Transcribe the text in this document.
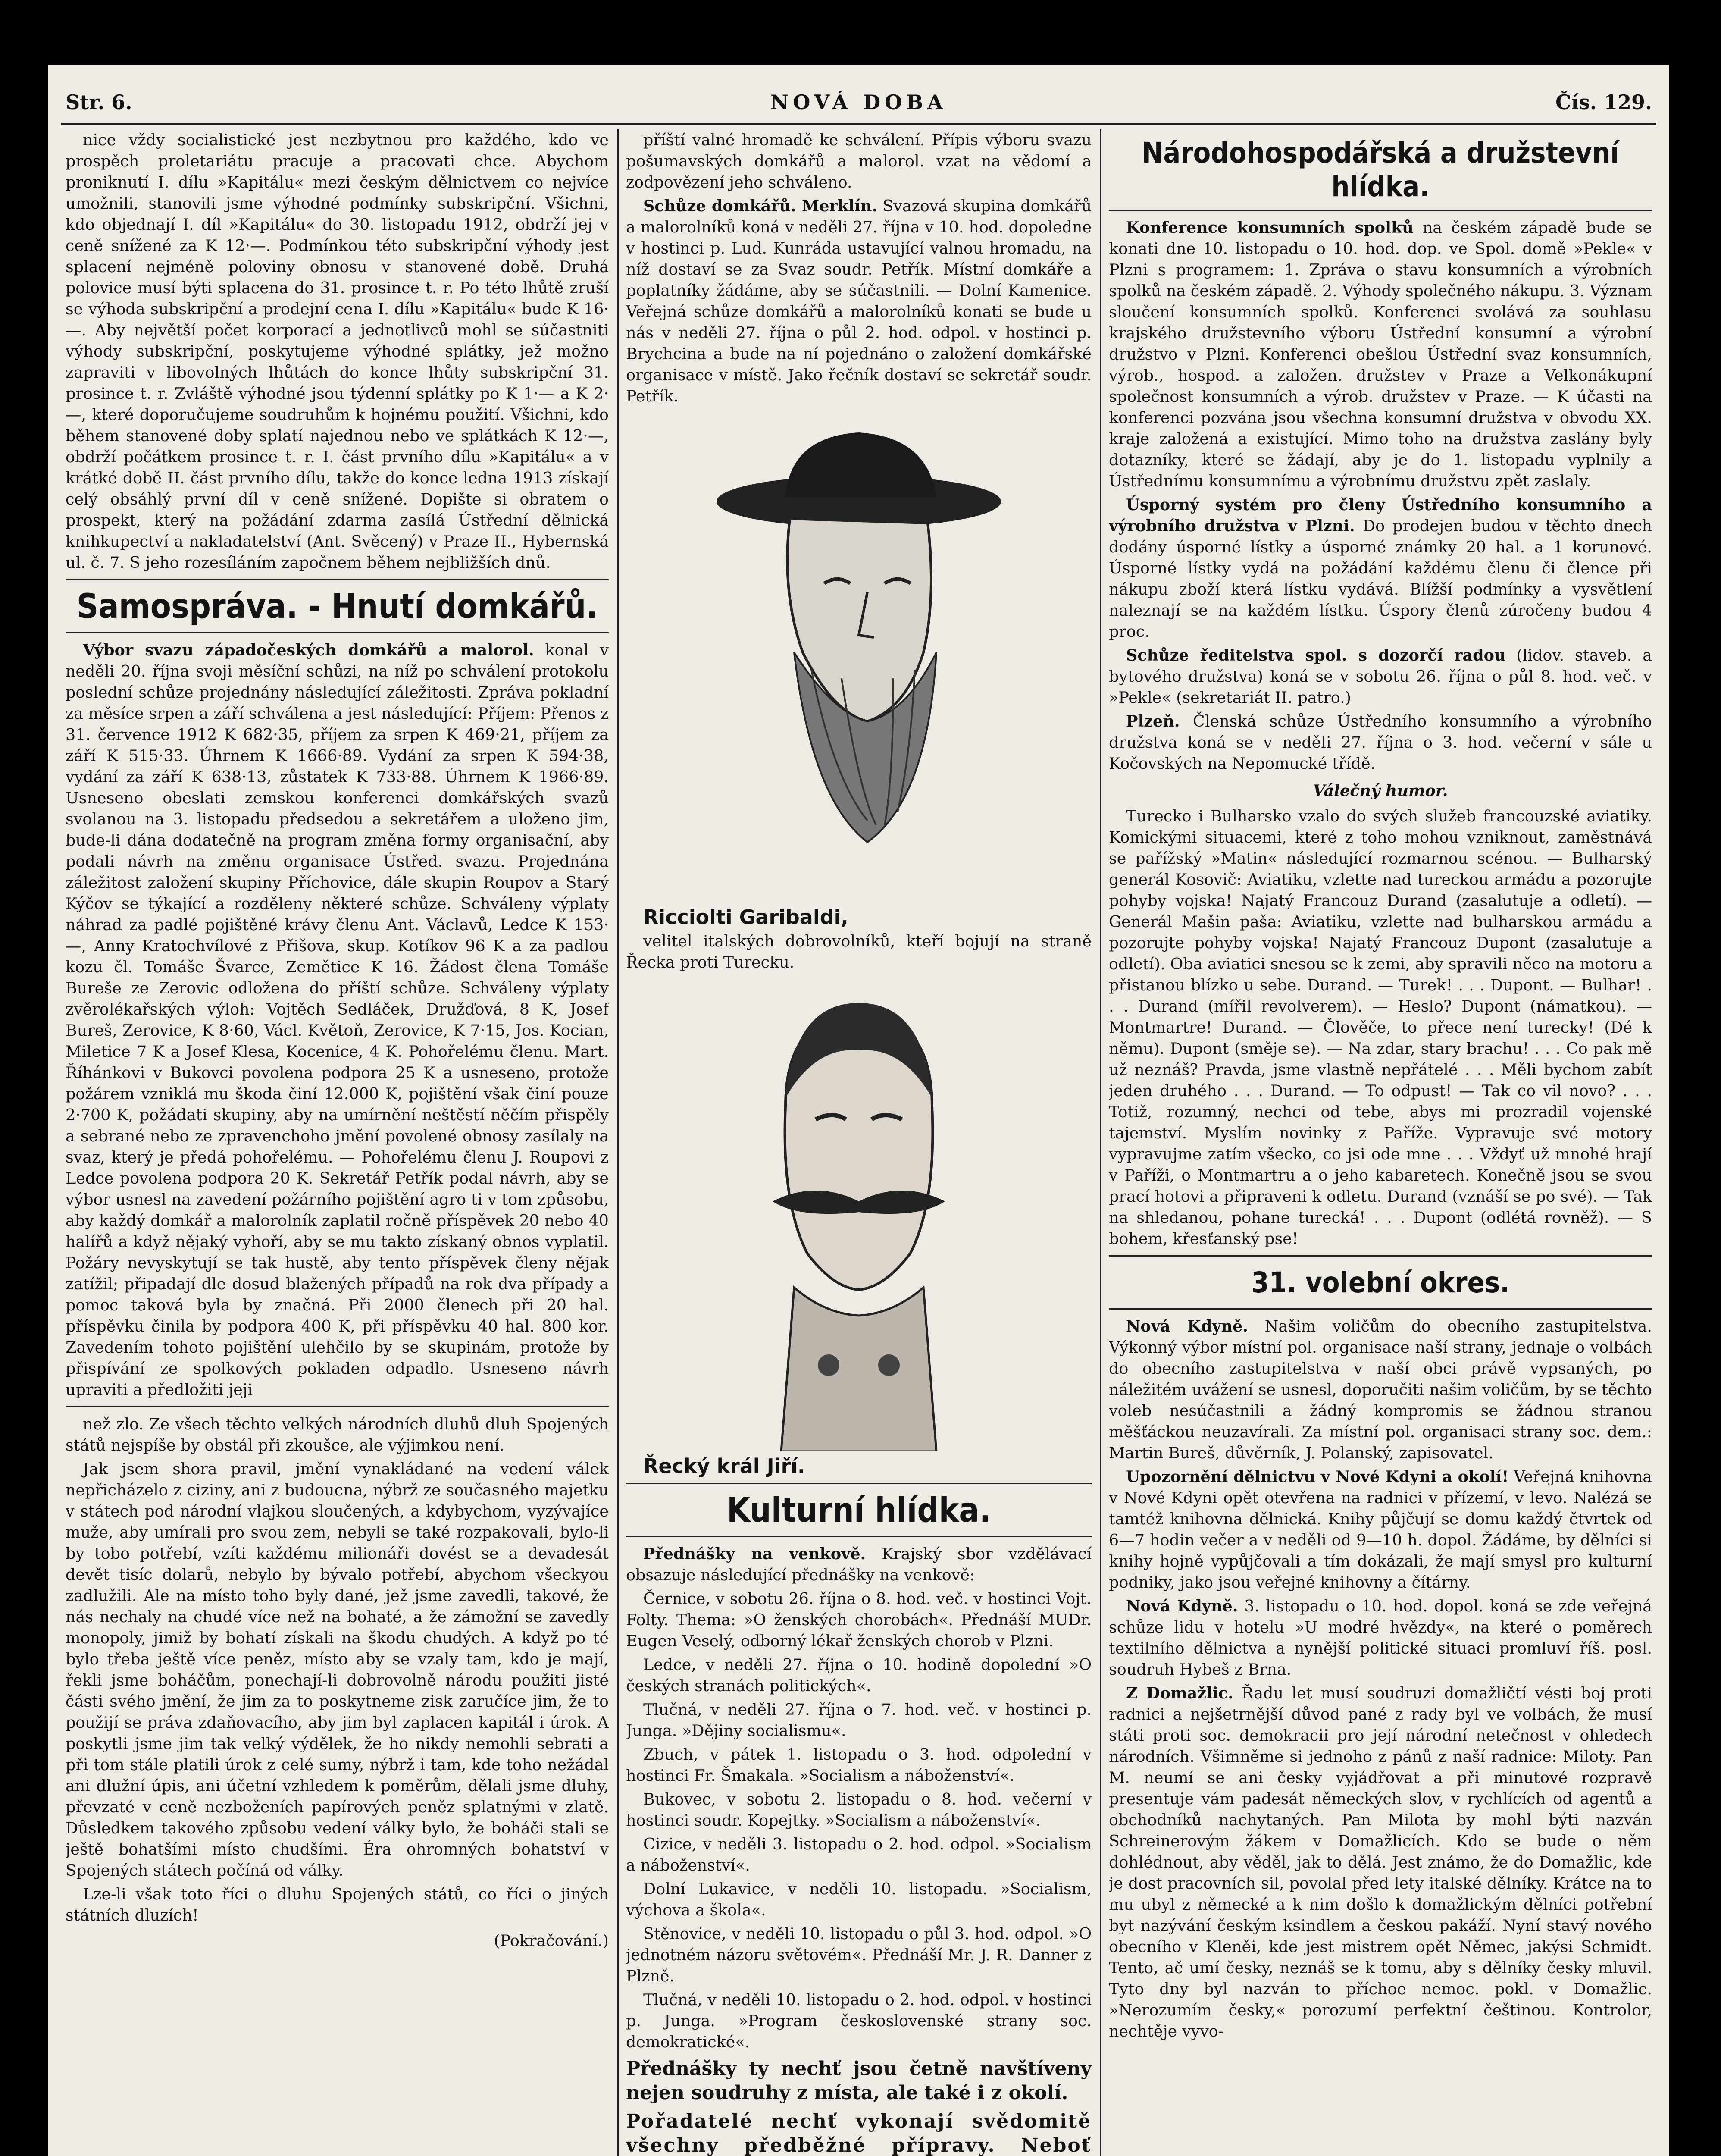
Str. 6.	NOVÁ DOBA	Čís. 129.

nice vždy socialistické jest nezbytnou pro každého, kdo ve prospěch proletariátu pracuje a pracovati chce. Abychom proniknutí I. dílu »Kapitálu« mezi českým dělnictvem co nejvíce umožnili, stanovili jsme výhodné podmínky subskripční. Všichni, kdo objednají I. díl »Kapitálu« do 30. listopadu 1912, obdrží jej v ceně snížené za K 12·—. Podmínkou této subskripční výhody jest splacení nejméně poloviny obnosu v stanovené době. Druhá polovice musí býti splacena do 31. prosince t. r. Po této lhůtě zruší se výhoda subskripční a prodejní cena I. dílu »Kapitálu« bude K 16·—. Aby největší počet korporací a jednotlivců mohl se súčastniti výhody subskripční, poskytujeme výhodné splátky, jež možno zapraviti v libovolných lhůtách do konce lhůty subskripční 31. prosince t. r. Zvláště výhodné jsou týdenní splátky po K 1·— a K 2·—, které doporučujeme soudruhům k hojnému použití. Všichni, kdo během stanovené doby splatí najednou nebo ve splátkách K 12·—, obdrží počátkem prosince t. r. I. část prvního dílu »Kapitálu« a v krátké době II. část prvního dílu, takže do konce ledna 1913 získají celý obsáhlý první díl v ceně snížené. Dopište si obratem o prospekt, který na požádání zdarma zasílá Ústřední dělnická knihkupectví a nakladatelství (Ant. Svěcený) v Praze II., Hybernská ul. č. 7. S jeho rozesíláním započnem během nejbližších dnů.

Samospráva. - Hnutí domkářů.

Výbor svazu západočeských domkářů a malorol. konal v neděli 20. října svoji měsíční schůzi, na níž po schválení protokolu poslední schůze projednány následující záležitosti. Zpráva pokladní za měsíce srpen a září schválena a jest následující: Příjem: Přenos z 31. července 1912 K 682·35, příjem za srpen K 469·21, příjem za září K 515·33. Úhrnem K 1666·89. Vydání za srpen K 594·38, vydání za září K 638·13, zůstatek K 733·88. Úhrnem K 1966·89. Usneseno obeslati zemskou konferenci domkářských svazů svolanou na 3. listopadu předsedou a sekretářem a uloženo jim, bude-li dána dodatečně na program změna formy organisační, aby podali návrh na změnu organisace Ústřed. svazu. Projednána záležitost založení skupiny Příchovice, dále skupin Roupov a Starý Kýčov se týkající a rozděleny některé schůze. Schváleny výplaty náhrad za padlé pojištěné krávy členu Ant. Václavů, Ledce K 153·—, Anny Kratochvílové z Přišova, skup. Kotíkov 96 K a za padlou kozu čl. Tomáše Švarce, Zemětice K 16. Žádost člena Tomáše Bureše ze Zerovic odložena do příští schůze. Schváleny výplaty zvěrolékařských výloh: Vojtěch Sedláček, Družďová, 8 K, Josef Bureš, Zerovice, K 8·60, Václ. Květoň, Zerovice, K 7·15, Jos. Kocian, Miletice 7 K a Josef Klesa, Kocenice, 4 K. Pohořelému členu. Mart. Říhánkovi v Bukovci povolena podpora 25 K a usneseno, protože požárem vzniklá mu škoda činí 12.000 K, pojištění však činí pouze 2·700 K, požádati skupiny, aby na umírnění neštěstí něčím přispěly a sebrané nebo ze zpravenchoho jmění povolené obnosy zasílaly na svaz, který je předá pohořelému. — Pohořelému členu J. Roupovi z Ledce povolena podpora 20 K. Sekretář Petřík podal návrh, aby se výbor usnesl na zavedení požárního pojištění agro ti v tom způsobu, aby každý domkář a malorolník zaplatil ročně příspěvek 20 nebo 40 halířů a když nějaký vyhoří, aby se mu takto získaný obnos vyplatil. Požáry nevyskytují se tak hustě, aby tento příspěvek členy nějak zatížil; připadají dle dosud blažených případů na rok dva případy a pomoc taková byla by značná. Při 2000 členech při 20 hal. příspěvku činila by podpora 400 K, při příspěvku 40 hal. 800 kor. Zavedením tohoto pojištění ulehčilo by se skupinám, protože by přispívání ze spolkových pokladen odpadlo. Usneseno návrh upraviti a předložiti jeji

než zlo. Ze všech těchto velkých národních dluhů dluh Spojených států nejspíše by obstál při zkoušce, ale výjimkou není.

Jak jsem shora pravil, jmění vynakládané na vedení válek nepřicházelo z ciziny, ani z budoucna, nýbrž ze současného majetku v státech pod národní vlajkou sloučených, a kdybychom, vyzývajíce muže, aby umírali pro svou zem, nebyli se také rozpakovali, bylo-li by tobo potřebí, vzíti každému milionáři dovést se a devadesát devět tisíc dolarů, nebylo by bývalo potřebí, abychom všeckyou zadlužili. Ale na místo toho byly dané, jež jsme zavedli, takové, že nás nechaly na chudé více než na bohaté, a že zámožní se zavedly monopoly, jimiž by bohatí získali na škodu chudých. A když po té bylo třeba ještě více peněz, místo aby se vzaly tam, kdo je mají, řekli jsme boháčům, ponechají-li dobrovolně národu použiti jisté části svého jmění, že jim za to poskytneme zisk zaručíce jim, že to použijí se práva zdaňovacího, aby jim byl zaplacen kapitál i úrok. A poskytli jsme jim tak velký výdělek, že ho nikdy nemohli sebrati a při tom stále platili úrok z celé sumy, nýbrž i tam, kde toho nežádal ani dlužní úpis, ani účetní vzhledem k poměrům, dělali jsme dluhy, převzaté v ceně nezboženích papírových peněz splatnými v zlatě. Důsledkem takového způsobu vedení války bylo, že boháči stali se ještě bohatšími místo chudšími. Éra ohromných bohatství v Spojených státech počíná od války.

Lze-li však toto říci o dluhu Spojených států, co říci o jiných státních dluzích!

(Pokračování.)

příští valné hromadě ke schválení. Přípis výboru svazu pošumavských domkářů a malorol. vzat na vědomí a zodpovězení jeho schváleno.

Schůze domkářů. Merklín. Svazová skupina domkářů a malorolníků koná v neděli 27. října v 10. hod. dopoledne v hostinci p. Lud. Kunráda ustavující valnou hromadu, na níž dostaví se za Svaz soudr. Petřík. Místní domkáře a poplatníky žádáme, aby se súčastnili. — Dolní Kamenice. Veřejná schůze domkářů a malorolníků konati se bude u nás v neděli 27. října o půl 2. hod. odpol. v hostinci p. Brychcina a bude na ní pojednáno o založení domkářské organisace v místě. Jako řečník dostaví se sekretář soudr. Petřík.

Ricciolti Garibaldi,

velitel italských dobrovolníků, kteří bojují na straně Řecka proti Turecku.

Řecký král Jiří.

Kulturní hlídka.

Přednášky na venkově. Krajský sbor vzdělávací obsazuje následující přednášky na venkově:

Černice, v sobotu 26. října o 8. hod. več. v hostinci Vojt. Folty. Thema: »O ženských chorobách«. Přednáší MUDr. Eugen Veselý, odborný lékař ženských chorob v Plzni.

Ledce, v neděli 27. října o 10. hodině dopolední »O českých stranách politických«.

Tlučná, v neděli 27. října o 7. hod. več. v hostinci p. Junga. »Dějiny socialismu«.

Zbuch, v pátek 1. listopadu o 3. hod. odpolední v hostinci Fr. Šmakala. »Socialism a náboženství«.

Bukovec, v sobotu 2. listopadu o 8. hod. večerní v hostinci soudr. Kopejtky. »Socialism a náboženství«.

Cizice, v neděli 3. listopadu o 2. hod. odpol. »Socialism a náboženství«.

Dolní Lukavice, v neděli 10. listopadu. »Socialism, výchova a škola«.

Stěnovice, v neděli 10. listopadu o půl 3. hod. odpol. »O jednotném názoru světovém«. Přednáší Mr. J. R. Danner z Plzně.

Tlučná, v neděli 10. listopadu o 2. hod. odpol. v hostinci p. Junga. »Program československé strany soc. demokratické«.

Přednášky ty nechť jsou četně navštíveny nejen soudruhy z místa, ale také i z okolí.
Pořadatelé nechť vykonají svědomitě všechny předběžné přípravy. Neboť

Národohospodářská a družstevní hlídka.

Konference konsumních spolků na českém západě bude se konati dne 10. listopadu o 10. hod. dop. ve Spol. domě »Pekle« v Plzni s programem: 1. Zpráva o stavu konsumních a výrobních spolků na českém západě. 2. Výhody společného nákupu. 3. Význam sloučení konsumních spolků. Konferenci svolává za souhlasu krajského družstevního výboru Ústřední konsumní a výrobní družstvo v Plzni. Konferenci obešlou Ústřední svaz konsumních, výrob., hospod. a založen. družstev v Praze a Velkonákupní společnost konsumních a výrob. družstev v Praze. — K účasti na konferenci pozvána jsou všechna konsumní družstva v obvodu XX. kraje založená a existující. Mimo toho na družstva zaslány byly dotazníky, které se žádají, aby je do 1. listopadu vyplnily a Ústřednímu konsumnímu a výrobnímu družstvu zpět zaslaly.

Úsporný systém pro členy Ústředního konsumního a výrobního družstva v Plzni. Do prodejen budou v těchto dnech dodány úsporné lístky a úsporné známky 20 hal. a 1 korunové. Úsporné lístky vydá na požádání každému členu či člence při nákupu zboží která lístku vydává. Blížší podmínky a vysvětlení naleznají se na každém lístku. Úspory členů zúročeny budou 4 proc.

Schůze ředitelstva spol. s dozorčí radou (lidov. staveb. a bytového družstva) koná se v sobotu 26. října o půl 8. hod. več. v »Pekle« (sekretariát II. patro.)

Plzeň. Členská schůze Ústředního konsumního a výrobního družstva koná se v neděli 27. října o 3. hod. večerní v sále u Kočovských na Nepomucké třídě.

Válečný humor.

Turecko i Bulharsko vzalo do svých služeb francouzské aviatiky. Komickými situacemi, které z toho mohou vzniknout, zaměstnává se pařížský »Matin« následující rozmarnou scénou. — Bulharský generál Kosovič: Aviatiku, vzlette nad tureckou armádu a pozorujte pohyby vojska! Najatý Francouz Durand (zasalutuje a odletí). — Generál Mašin paša: Aviatiku, vzlette nad bulharskou armádu a pozorujte pohyby vojska! Najatý Francouz Dupont (zasalutuje a odletí). Oba aviatici snesou se k zemi, aby spravili něco na motoru a přistanou blízko u sebe. Durand. — Turek! . . . Dupont. — Bulhar! . . . Durand (mířil revolverem). — Heslo? Dupont (námatkou). — Montmartre! Durand. — Člověče, to přece není turecky! (Dé k němu). Dupont (směje se). — Na zdar, stary brachu! . . . Co pak mě už neznáš? Pravda, jsme vlastně nepřátelé . . . Měli bychom zabít jeden druhého . . . Durand. — To odpust! — Tak co vil novo? . . . Totiž, rozumný, nechci od tebe, abys mi prozradil vojenské tajemství. Myslím novinky z Paříže. Vypravuje své motory vypravujme zatím všecko, co jsi ode mne . . . Vždyť už mnohé hrají v Paříži, o Montmartru a o jeho kabaretech. Konečně jsou se svou prací hotovi a připraveni k odletu. Durand (vznáší se po své). — Tak na shledanou, pohane turecká! . . . Dupont (odlétá rovněž). — S bohem, křesťanský pse!

31. volební okres.

Nová Kdyně. Našim voličům do obecního zastupitelstva. Výkonný výbor místní pol. organisace naší strany, jednaje o volbách do obecního zastupitelstva v naší obci právě vypsaných, po náležitém uvážení se usnesl, doporučiti našim voličům, by se těchto voleb nesúčastnili a žádný kompromis se žádnou stranou měšťáckou neuzavírali. Za místní pol. organisaci strany soc. dem.: Martin Bureš, důvěrník, J. Polanský, zapisovatel.

Upozornění dělnictvu v Nové Kdyni a okolí! Veřejná knihovna v Nové Kdyni opět otevřena na radnici v přízemí, v levo. Nalézá se tamtéž knihovna dělnická. Knihy půjčují se domu každý čtvrtek od 6—7 hodin večer a v neděli od 9—10 h. dopol. Žádáme, by dělníci si knihy hojně vypůjčovali a tím dokázali, že mají smysl pro kulturní podniky, jako jsou veřejné knihovny a čítárny.

Nová Kdyně. 3. listopadu o 10. hod. dopol. koná se zde veřejná schůze lidu v hotelu »U modré hvězdy«, na které o poměrech textilního dělnictva a nynější politické situaci promluví říš. posl. soudruh Hybeš z Brna.

Z Domažlic. Řadu let musí soudruzi domažličtí vésti boj proti radnici a nejšetrnější důvod pané z rady byl ve volbách, že musí státi proti soc. demokracii pro její národní netečnost v ohledech národních. Všimněme si jednoho z pánů z naší radnice: Miloty. Pan M. neumí se ani česky vyjádřovat a při minutové rozpravě presentuje vám padesát německých slov, v rychlících od agentů a obchodníků nachytaných. Pan Milota by mohl býti nazván Schreinerovým žákem v Domažlicích. Kdo se bude o něm dohlédnout, aby věděl, jak to dělá. Jest známo, že do Domažlic, kde je dost pracovních sil, povolal před lety italské dělníky. Krátce na to mu ubyl z německé a k nim došlo k domažlickým dělníci potřební byt nazývání českým ksindlem a českou pakáží. Nyní stavý nového obecního v Kleněi, kde jest mistrem opět Němec, jakýsi Schmidt. Tento, ač umí česky, neznáš se k tomu, aby s dělníky česky mluvil. Tyto dny byl nazván to příchoe nemoc. pokl. v Domažlic. »Nerozumím česky,« porozumí perfektní češtinou. Kontrolor, nechtěje vyvo-
